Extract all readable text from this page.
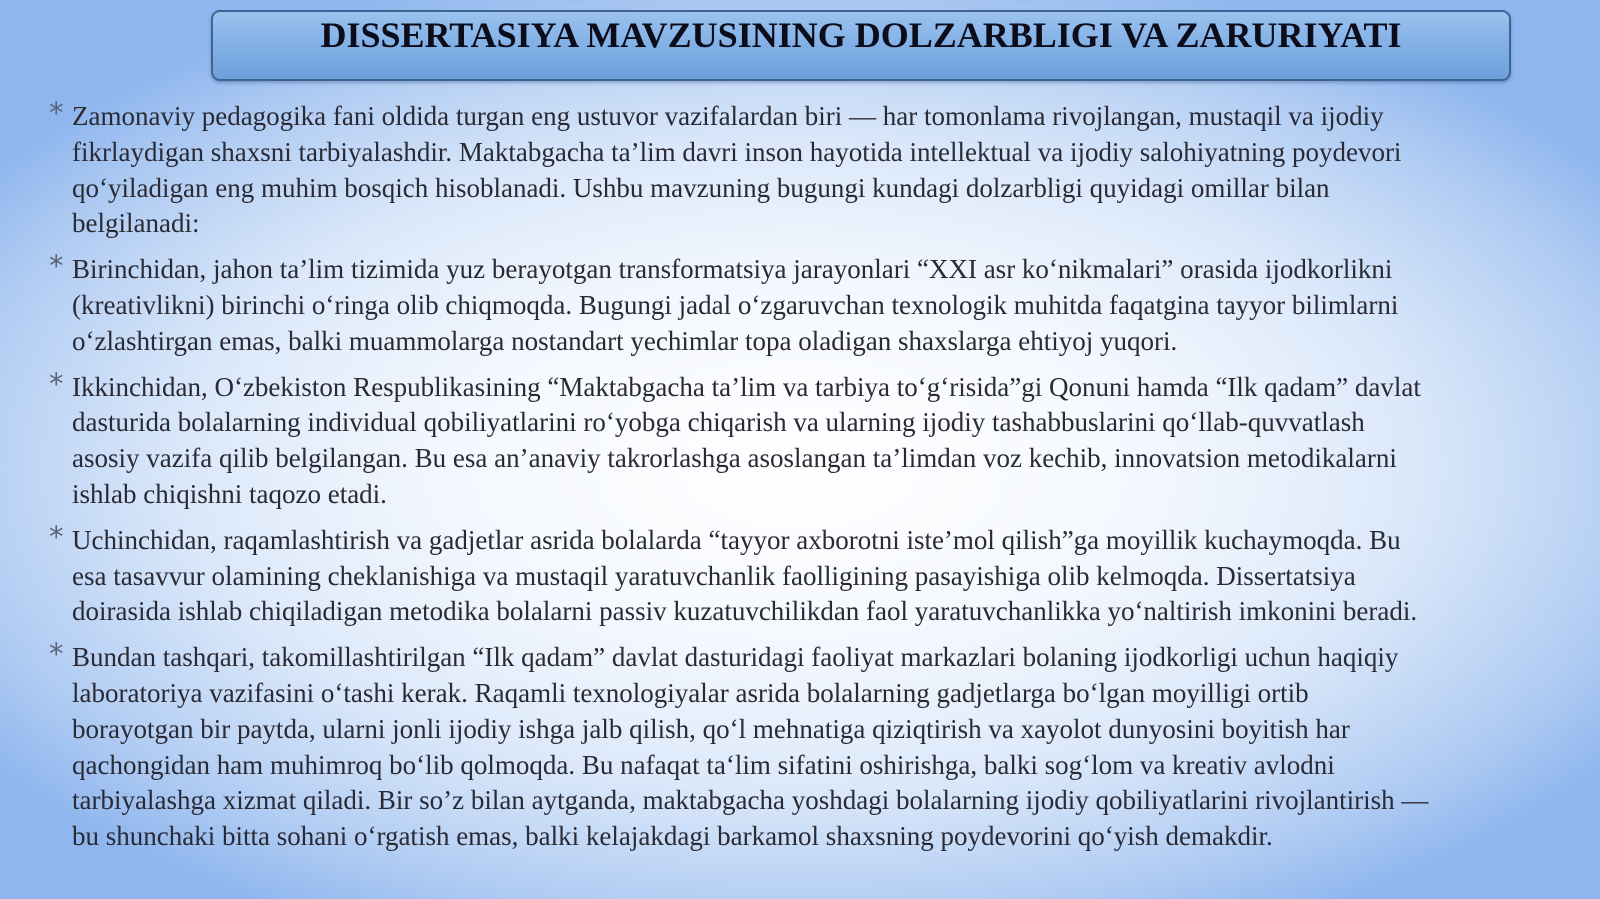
DISSERTASIYA MAVZUSINING DOLZARBLIGI VA ZARURIYATI
* Zamonaviy pedagogika fani oldida turgan eng ustuvor vazifalardan biri — har tomonlama rivojlangan, mustaqil va ijodiy
fikrlaydigan shaxsni tarbiyalashdir. Maktabgacha ta’lim davri inson hayotida intellektual va ijodiy salohiyatning poydevori
qo‘yiladigan eng muhim bosqich hisoblanadi. Ushbu mavzuning bugungi kundagi dolzarbligi quyidagi omillar bilan
belgilanadi:
* Birinchidan, jahon ta’lim tizimida yuz berayotgan transformatsiya jarayonlari “XXI asr ko‘nikmalari” orasida ijodkorlikni
(kreativlikni) birinchi o‘ringa olib chiqmoqda. Bugungi jadal o‘zgaruvchan texnologik muhitda faqatgina tayyor bilimlarni
o‘zlashtirgan emas, balki muammolarga nostandart yechimlar topa oladigan shaxslarga ehtiyoj yuqori.
* Ikkinchidan, O‘zbekiston Respublikasining “Maktabgacha ta’lim va tarbiya to‘g‘risida”gi Qonuni hamda “Ilk qadam” davlat
dasturida bolalarning individual qobiliyatlarini ro‘yobga chiqarish va ularning ijodiy tashabbuslarini qo‘llab-quvvatlash
asosiy vazifa qilib belgilangan. Bu esa an’anaviy takrorlashga asoslangan ta’limdan voz kechib, innovatsion metodikalarni
ishlab chiqishni taqozo etadi.
* Uchinchidan, raqamlashtirish va gadjetlar asrida bolalarda “tayyor axborotni iste’mol qilish”ga moyillik kuchaymoqda. Bu
esa tasavvur olamining cheklanishiga va mustaqil yaratuvchanlik faolligining pasayishiga olib kelmoqda. Dissertatsiya
doirasida ishlab chiqiladigan metodika bolalarni passiv kuzatuvchilikdan faol yaratuvchanlikka yo‘naltirish imkonini beradi.
* Bundan tashqari, takomillashtirilgan “Ilk qadam” davlat dasturidagi faoliyat markazlari bolaning ijodkorligi uchun haqiqiy
laboratoriya vazifasini o‘tashi kerak. Raqamli texnologiyalar asrida bolalarning gadjetlarga bo‘lgan moyilligi ortib
borayotgan bir paytda, ularni jonli ijodiy ishga jalb qilish, qo‘l mehnatiga qiziqtirish va xayolot dunyosini boyitish har
qachongidan ham muhimroq bo‘lib qolmoqda. Bu nafaqat ta‘lim sifatini oshirishga, balki sog‘lom va kreativ avlodni
tarbiyalashga xizmat qiladi. Bir so’z bilan aytganda, maktabgacha yoshdagi bolalarning ijodiy qobiliyatlarini rivojlantirish —
bu shunchaki bitta sohani o‘rgatish emas, balki kelajakdagi barkamol shaxsning poydevorini qo‘yish demakdir.
